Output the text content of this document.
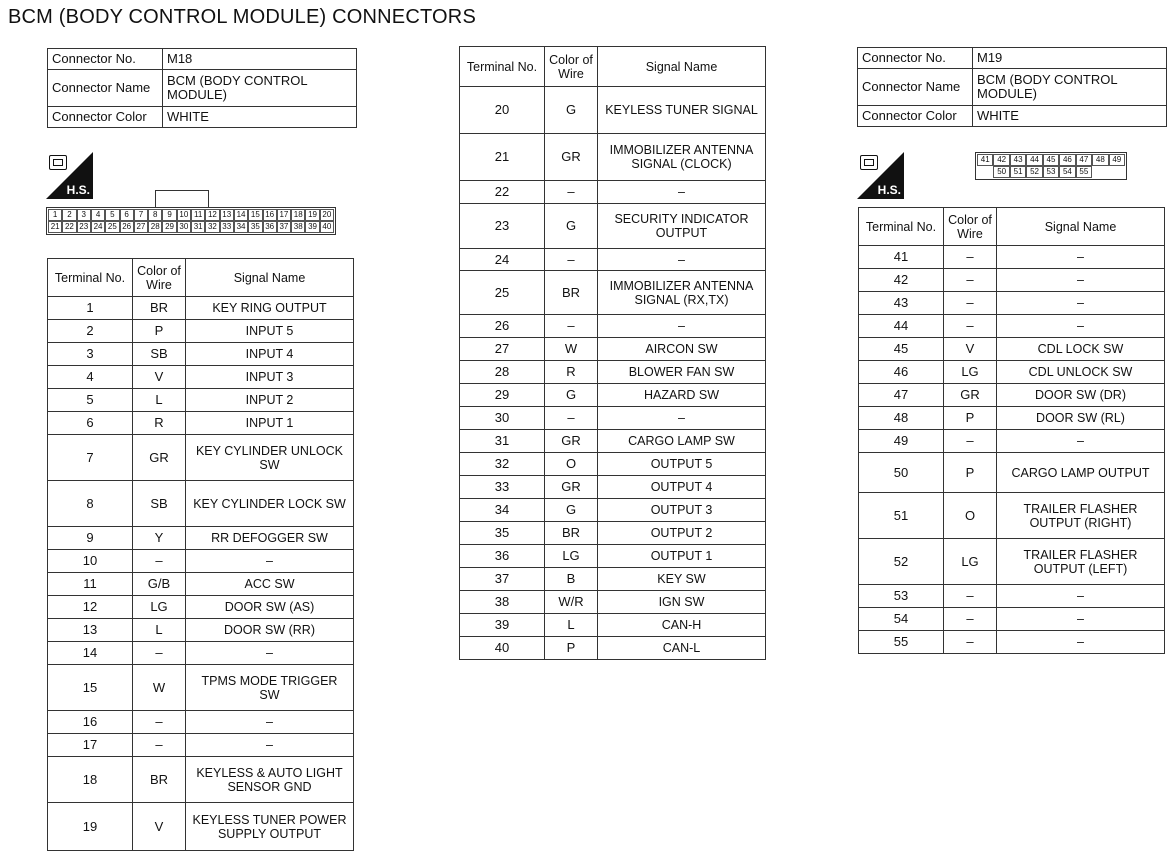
BCM (BODY CONTROL MODULE) CONNECTORS
Connector No.	M18
Connector Name	BCM (BODY CONTROL MODULE)
Connector Color	WHITE
H.S.
1	2	3	4	5	6	7	8	9 10 11 12 13 14 15 16 17 18 19 20
21 22 23 24 25 26 27 28 29 30 31 32 33 34 35 36 37 38 39 40
Terminal No.	Color of Wire	Signal Name
1	BR	KEY RING OUTPUT
2	P	INPUT 5
3	SB	INPUT 4
4	V	INPUT 3
5	L	INPUT 2
6	R	INPUT 1
7	GR	KEY CYLINDER UNLOCK SW
8	SB	KEY CYLINDER LOCK SW
9	Y	RR DEFOGGER SW
10	–	–
11	G/B	ACC SW
12	LG	DOOR SW (AS)
13	L	DOOR SW (RR)
14	–	–
15	W	TPMS MODE TRIGGER SW
16	–	–
17	–	–
18	BR	KEYLESS & AUTO LIGHT SENSOR GND
19	V	KEYLESS TUNER POWER SUPPLY OUTPUT
Terminal No.	Color of Wire	Signal Name
20	G	KEYLESS TUNER SIGNAL
21	GR	IMMOBILIZER ANTENNA SIGNAL (CLOCK)
22	–	–
23	G	SECURITY INDICATOR OUTPUT
24	–	–
25	BR	IMMOBILIZER ANTENNA SIGNAL (RX,TX)
26	–	–
27	W	AIRCON SW
28	R	BLOWER FAN SW
29	G	HAZARD SW
30	–	–
31	GR	CARGO LAMP SW
32	O	OUTPUT 5
33	GR	OUTPUT 4
34	G	OUTPUT 3
35	BR	OUTPUT 2
36	LG	OUTPUT 1
37	B	KEY SW
38	W/R	IGN SW
39	L	CAN-H
40	P	CAN-L
Connector No.	M19
Connector Name	BCM (BODY CONTROL MODULE)
Connector Color	WHITE
H.S.
41 42 43 44 45 46 47 48 49
50 51 52 53 54 55
Terminal No.	Color of Wire	Signal Name
41	–	–
42	–	–
43	–	–
44	–	–
45	V	CDL LOCK SW
46	LG	CDL UNLOCK SW
47	GR	DOOR SW (DR)
48	P	DOOR SW (RL)
49	–	–
50	P	CARGO LAMP OUTPUT
51	O	TRAILER FLASHER OUTPUT (RIGHT)
52	LG	TRAILER FLASHER OUTPUT (LEFT)
53	–	–
54	–	–
55	–	–
